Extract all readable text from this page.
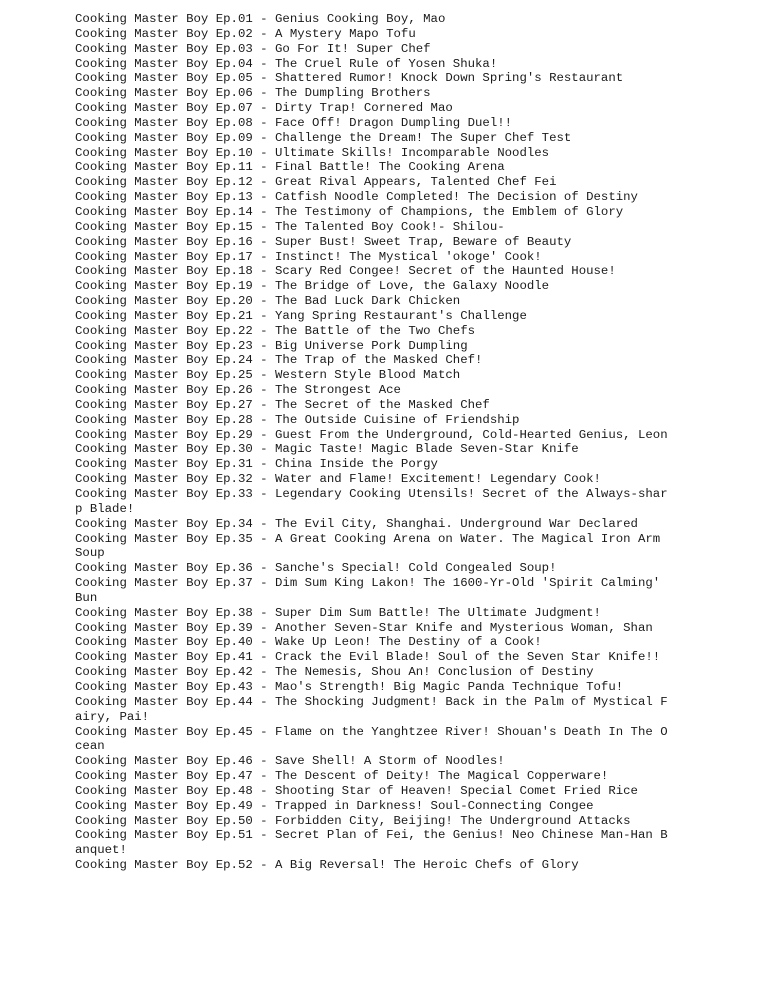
Cooking Master Boy Ep.01 - Genius Cooking Boy, Mao
Cooking Master Boy Ep.02 - A Mystery Mapo Tofu
Cooking Master Boy Ep.03 - Go For It! Super Chef
Cooking Master Boy Ep.04 - The Cruel Rule of Yosen Shuka!
Cooking Master Boy Ep.05 - Shattered Rumor! Knock Down Spring's Restaurant
Cooking Master Boy Ep.06 - The Dumpling Brothers
Cooking Master Boy Ep.07 - Dirty Trap! Cornered Mao
Cooking Master Boy Ep.08 - Face Off! Dragon Dumpling Duel!!
Cooking Master Boy Ep.09 - Challenge the Dream! The Super Chef Test
Cooking Master Boy Ep.10 - Ultimate Skills! Incomparable Noodles
Cooking Master Boy Ep.11 - Final Battle! The Cooking Arena
Cooking Master Boy Ep.12 - Great Rival Appears, Talented Chef Fei
Cooking Master Boy Ep.13 - Catfish Noodle Completed! The Decision of Destiny
Cooking Master Boy Ep.14 - The Testimony of Champions, the Emblem of Glory
Cooking Master Boy Ep.15 - The Talented Boy Cook!- Shilou-
Cooking Master Boy Ep.16 - Super Bust! Sweet Trap, Beware of Beauty
Cooking Master Boy Ep.17 - Instinct! The Mystical 'okoge' Cook!
Cooking Master Boy Ep.18 - Scary Red Congee! Secret of the Haunted House!
Cooking Master Boy Ep.19 - The Bridge of Love, the Galaxy Noodle
Cooking Master Boy Ep.20 - The Bad Luck Dark Chicken
Cooking Master Boy Ep.21 - Yang Spring Restaurant's Challenge
Cooking Master Boy Ep.22 - The Battle of the Two Chefs
Cooking Master Boy Ep.23 - Big Universe Pork Dumpling
Cooking Master Boy Ep.24 - The Trap of the Masked Chef!
Cooking Master Boy Ep.25 - Western Style Blood Match
Cooking Master Boy Ep.26 - The Strongest Ace
Cooking Master Boy Ep.27 - The Secret of the Masked Chef
Cooking Master Boy Ep.28 - The Outside Cuisine of Friendship
Cooking Master Boy Ep.29 - Guest From the Underground, Cold-Hearted Genius, Leon
Cooking Master Boy Ep.30 - Magic Taste! Magic Blade Seven-Star Knife
Cooking Master Boy Ep.31 - China Inside the Porgy
Cooking Master Boy Ep.32 - Water and Flame! Excitement! Legendary Cook!
Cooking Master Boy Ep.33 - Legendary Cooking Utensils! Secret of the Always-shar
p Blade!
Cooking Master Boy Ep.34 - The Evil City, Shanghai. Underground War Declared
Cooking Master Boy Ep.35 - A Great Cooking Arena on Water. The Magical Iron Arm
Soup
Cooking Master Boy Ep.36 - Sanche's Special! Cold Congealed Soup!
Cooking Master Boy Ep.37 - Dim Sum King Lakon! The 1600-Yr-Old 'Spirit Calming'
Bun
Cooking Master Boy Ep.38 - Super Dim Sum Battle! The Ultimate Judgment!
Cooking Master Boy Ep.39 - Another Seven-Star Knife and Mysterious Woman, Shan
Cooking Master Boy Ep.40 - Wake Up Leon! The Destiny of a Cook!
Cooking Master Boy Ep.41 - Crack the Evil Blade! Soul of the Seven Star Knife!!
Cooking Master Boy Ep.42 - The Nemesis, Shou An! Conclusion of Destiny
Cooking Master Boy Ep.43 - Mao's Strength! Big Magic Panda Technique Tofu!
Cooking Master Boy Ep.44 - The Shocking Judgment! Back in the Palm of Mystical F
airy, Pai!
Cooking Master Boy Ep.45 - Flame on the Yanghtzee River! Shouan's Death In The O
cean
Cooking Master Boy Ep.46 - Save Shell! A Storm of Noodles!
Cooking Master Boy Ep.47 - The Descent of Deity! The Magical Copperware!
Cooking Master Boy Ep.48 - Shooting Star of Heaven! Special Comet Fried Rice
Cooking Master Boy Ep.49 - Trapped in Darkness! Soul-Connecting Congee
Cooking Master Boy Ep.50 - Forbidden City, Beijing! The Underground Attacks
Cooking Master Boy Ep.51 - Secret Plan of Fei, the Genius! Neo Chinese Man-Han B
anquet!
Cooking Master Boy Ep.52 - A Big Reversal! The Heroic Chefs of Glory
